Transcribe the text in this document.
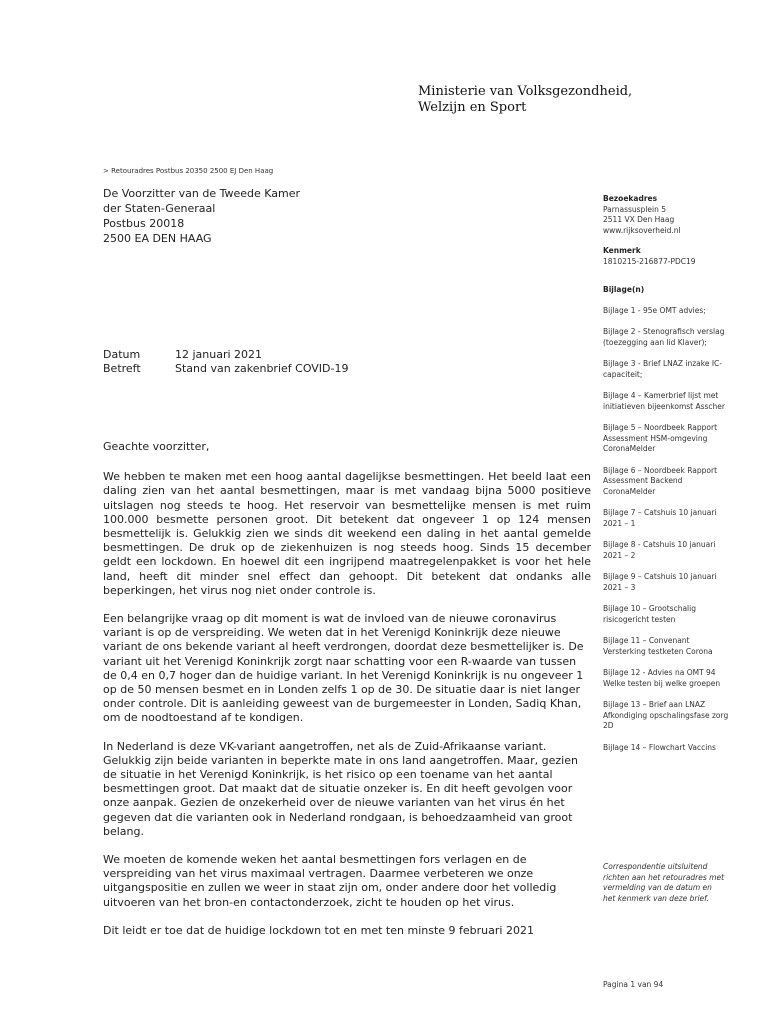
Ministerie van Volksgezondheid,
Welzijn en Sport
> Retouradres Postbus 20350 2500 EJ Den Haag
De Voorzitter van de Tweede Kamer
der Staten-Generaal
Postbus 20018
2500 EA DEN HAAG
Datum	12 januari 2021
Betreft	Stand van zakenbrief COVID-19

Geachte voorzitter,

We hebben te maken met een hoog aantal dagelijkse besmettingen. Het beeld laat een daling zien van het aantal besmettingen, maar is met vandaag bijna 5000 positieve uitslagen nog steeds te hoog. Het reservoir van besmettelijke mensen is met ruim 100.000 besmette personen groot. Dit betekent dat ongeveer 1 op 124 mensen besmettelijk is. Gelukkig zien we sinds dit weekend een daling in het aantal gemelde besmettingen. De druk op de ziekenhuizen is nog steeds hoog. Sinds 15 december geldt een lockdown. En hoewel dit een ingrijpend maatregelenpakket is voor het hele land, heeft dit minder snel effect dan gehoopt. Dit betekent dat ondanks alle beperkingen, het virus nog niet onder controle is.

Een belangrijke vraag op dit moment is wat de invloed van de nieuwe coronavirus variant is op de verspreiding. We weten dat in het Verenigd Koninkrijk deze nieuwe variant de ons bekende variant al heeft verdrongen, doordat deze besmettelijker is. De variant uit het Verenigd Koninkrijk zorgt naar schatting voor een R-waarde van tussen de 0,4 en 0,7 hoger dan de huidige variant. In het Verenigd Koninkrijk is nu ongeveer 1 op de 50 mensen besmet en in Londen zelfs 1 op de 30. De situatie daar is niet langer onder controle. Dit is aanleiding geweest van de burgemeester in Londen, Sadiq Khan, om de noodtoestand af te kondigen.

In Nederland is deze VK-variant aangetroffen, net als de Zuid-Afrikaanse variant. Gelukkig zijn beide varianten in beperkte mate in ons land aangetroffen. Maar, gezien de situatie in het Verenigd Koninkrijk, is het risico op een toename van het aantal besmettingen groot. Dat maakt dat de situatie onzeker is. En dit heeft gevolgen voor onze aanpak. Gezien de onzekerheid over de nieuwe varianten van het virus én het gegeven dat die varianten ook in Nederland rondgaan, is behoedzaamheid van groot belang.

We moeten de komende weken het aantal besmettingen fors verlagen en de verspreiding van het virus maximaal vertragen. Daarmee verbeteren we onze uitgangspositie en zullen we weer in staat zijn om, onder andere door het volledig uitvoeren van het bron-en contactonderzoek, zicht te houden op het virus.

Dit leidt er toe dat de huidige lockdown tot en met ten minste 9 februari 2021

Bezoekadres
Parnassusplein 5
2511 VX Den Haag
www.rijksoverheid.nl
Kenmerk
1810215-216877-PDC19
Bijlage(n)
Bijlage 1 - 95e OMT advies;
Bijlage 2 - Stenografisch verslag (toezegging aan lid Klaver);
Bijlage 3 - Brief LNAZ inzake IC-capaciteit;
Bijlage 4 – Kamerbrief lijst met initiatieven bijeenkomst Asscher
Bijlage 5 – Noordbeek Rapport Assessment HSM-omgeving CoronaMelder
Bijlage 6 – Noordbeek Rapport Assessment Backend CoronaMelder
Bijlage 7 – Catshuis 10 januari 2021 – 1
Bijlage 8 - Catshuis 10 januari 2021 – 2
Bijlage 9 – Catshuis 10 januari 2021 – 3
Bijlage 10 – Grootschalig risicogericht testen
Bijlage 11 – Convenant Versterking testketen Corona
Bijlage 12 - Advies na OMT 94 Welke testen bij welke groepen
Bijlage 13 – Brief aan LNAZ Afkondiging opschalingsfase zorg 2D
Bijlage 14 – Flowchart Vaccins
Correspondentie uitsluitend richten aan het retouradres met vermelding van de datum en het kenmerk van deze brief.
Pagina 1 van 94
